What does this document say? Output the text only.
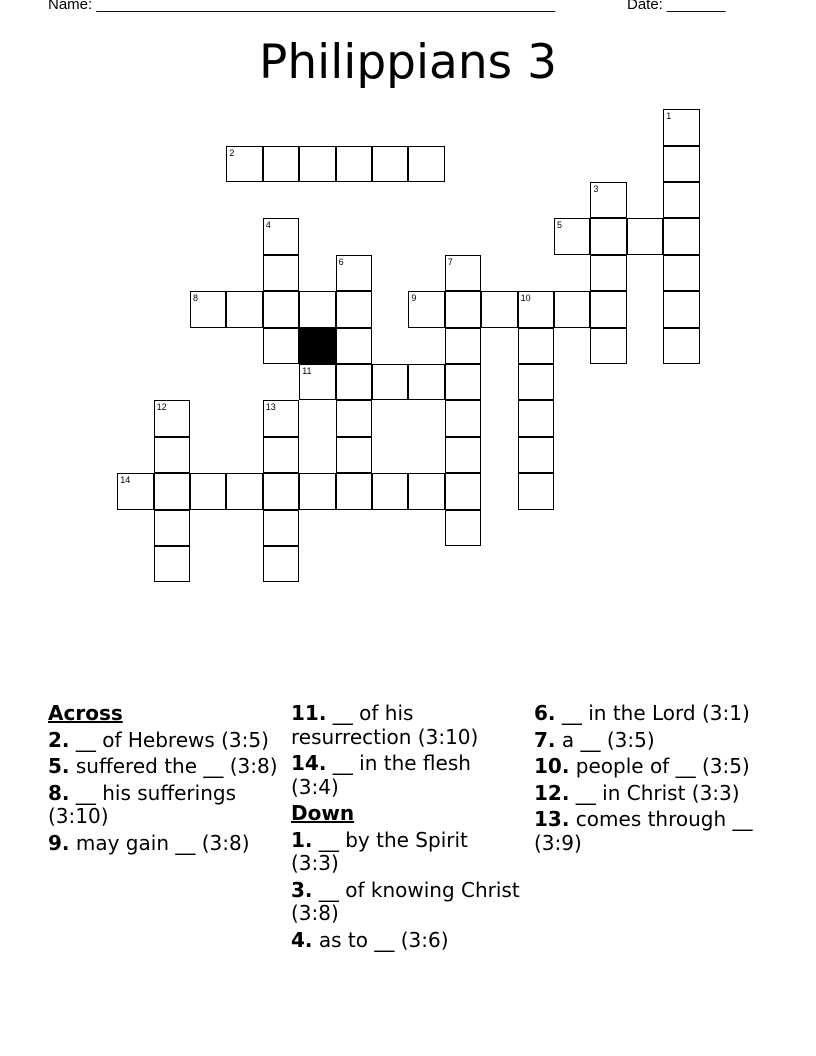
Name: _______________________________________________________	Date: _______
Philippians 3
1
2
3
4	5
6	7
8	9	10
11
12	13
14
Across
2. __ of Hebrews (3:5)
5. suffered the __ (3:8)
8. __ his sufferings (3:10)
9. may gain __ (3:8)
11. __ of his resurrection (3:10)
14. __ in the flesh (3:4)
Down
1. __ by the Spirit (3:3)
3. __ of knowing Christ (3:8)
4. as to __ (3:6)
6. __ in the Lord (3:1)
7. a __ (3:5)
10. people of __ (3:5)
12. __ in Christ (3:3)
13. comes through __ (3:9)
